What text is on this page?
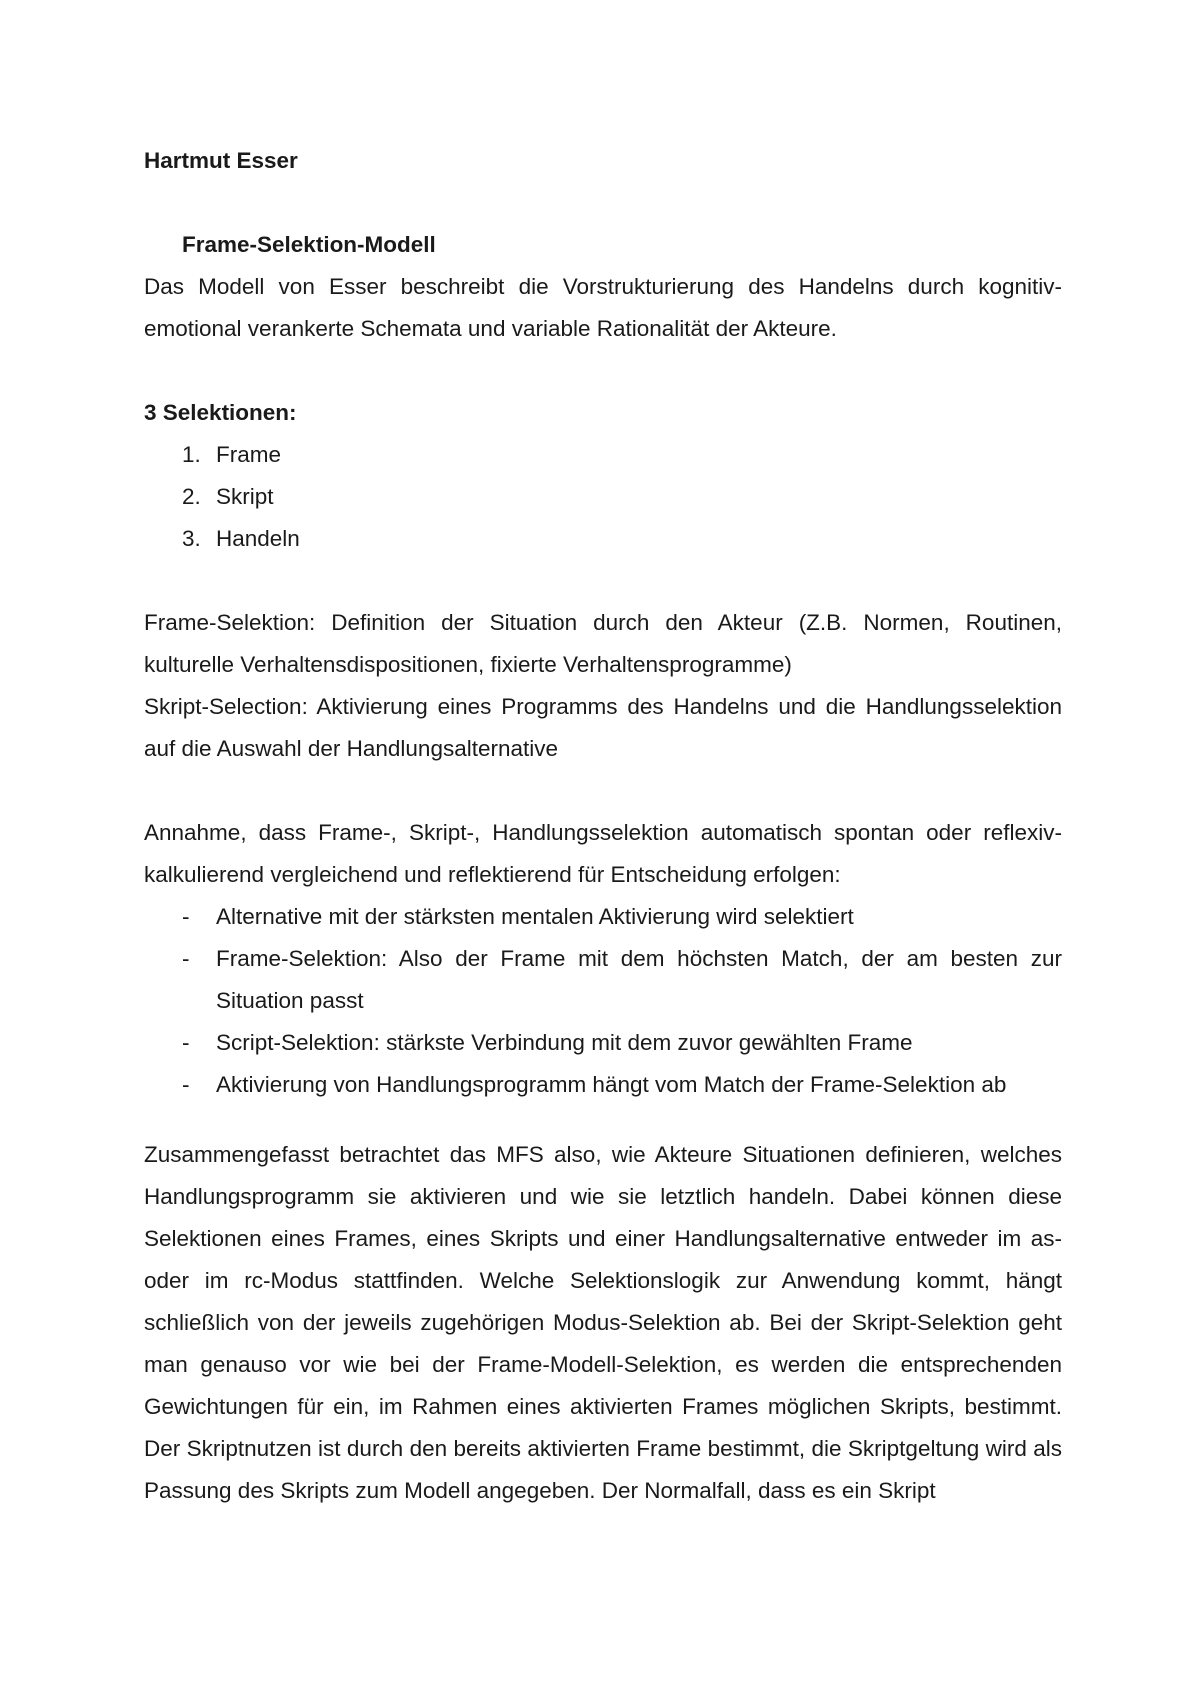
Hartmut Esser

Frame-Selektion-Modell

Das Modell von Esser beschreibt die Vorstrukturierung des Handelns durch kognitiv-emotional verankerte Schemata und variable Rationalität der Akteure.

3 Selektionen:

1. Frame
2. Skript
3. Handeln

Frame-Selektion: Definition der Situation durch den Akteur (Z.B. Normen, Routinen, kulturelle Verhaltensdispositionen, fixierte Verhaltensprogramme)

Skript-Selection: Aktivierung eines Programms des Handelns und die Handlungsselektion auf die Auswahl der Handlungsalternative

Annahme, dass Frame-, Skript-, Handlungsselektion automatisch spontan oder reflexiv-kalkulierend vergleichend und reflektierend für Entscheidung erfolgen:

- Alternative mit der stärksten mentalen Aktivierung wird selektiert
- Frame-Selektion: Also der Frame mit dem höchsten Match, der am besten zur Situation passt
- Script-Selektion: stärkste Verbindung mit dem zuvor gewählten Frame
- Aktivierung von Handlungsprogramm hängt vom Match der Frame-Selektion ab

Zusammengefasst betrachtet das MFS also, wie Akteure Situationen definieren, welches Handlungsprogramm sie aktivieren und wie sie letztlich handeln. Dabei können diese Selektionen eines Frames, eines Skripts und einer Handlungsalternative entweder im as- oder im rc-Modus stattfinden. Welche Selektionslogik zur Anwendung kommt, hängt schließlich von der jeweils zugehörigen Modus-Selektion ab. Bei der Skript-Selektion geht man genauso vor wie bei der Frame-Modell-Selektion, es werden die entsprechenden Gewichtungen für ein, im Rahmen eines aktivierten Frames möglichen Skripts, bestimmt. Der Skriptnutzen ist durch den bereits aktivierten Frame bestimmt, die Skriptgeltung wird als Passung des Skripts zum Modell angegeben. Der Normalfall, dass es ein Skript
